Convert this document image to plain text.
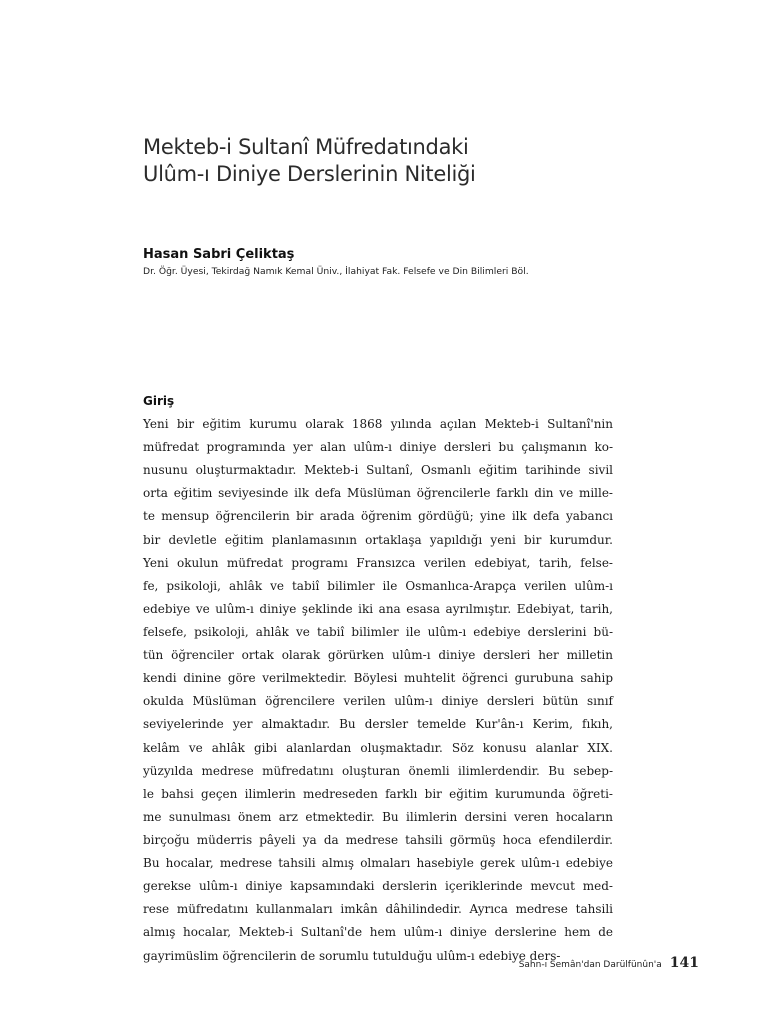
Mekteb-i Sultanî Müfredatındaki
Ulûm-ı Diniye Derslerinin Niteliği

Hasan Sabri Çeliktaş

Dr. Öğr. Üyesi, Tekirdağ Namık Kemal Üniv., İlahiyat Fak. Felsefe ve Din Bilimleri Böl.

Giriş
Yeni bir eğitim kurumu olarak 1868 yılında açılan Mekteb-i Sultanî'nin
müfredat programında yer alan ulûm-ı diniye dersleri bu çalışmanın ko-
nusunu oluşturmaktadır. Mekteb-i Sultanî, Osmanlı eğitim tarihinde sivil
orta eğitim seviyesinde ilk defa Müslüman öğrencilerle farklı din ve mille-
te mensup öğrencilerin bir arada öğrenim gördüğü; yine ilk defa yabancı
bir devletle eğitim planlamasının ortaklaşa yapıldığı yeni bir kurumdur.
Yeni okulun müfredat programı Fransızca verilen edebiyat, tarih, felse-
fe, psikoloji, ahlâk ve tabiî bilimler ile Osmanlıca-Arapça verilen ulûm-ı
edebiye ve ulûm-ı diniye şeklinde iki ana esasa ayrılmıştır. Edebiyat, tarih,
felsefe, psikoloji, ahlâk ve tabiî bilimler ile ulûm-ı edebiye derslerini bü-
tün öğrenciler ortak olarak görürken ulûm-ı diniye dersleri her milletin
kendi dinine göre verilmektedir. Böylesi muhtelit öğrenci gurubuna sahip
okulda Müslüman öğrencilere verilen ulûm-ı diniye dersleri bütün sınıf
seviyelerinde yer almaktadır. Bu dersler temelde Kur'ân-ı Kerim, fıkıh,
kelâm ve ahlâk gibi alanlardan oluşmaktadır. Söz konusu alanlar XIX.
yüzyılda medrese müfredatını oluşturan önemli ilimlerdendir. Bu sebep-
le bahsi geçen ilimlerin medreseden farklı bir eğitim kurumunda öğreti-
me sunulması önem arz etmektedir. Bu ilimlerin dersini veren hocaların
birçoğu müderris pâyeli ya da medrese tahsili görmüş hoca efendilerdir.
Bu hocalar, medrese tahsili almış olmaları hasebiyle gerek ulûm-ı edebiye
gerekse ulûm-ı diniye kapsamındaki derslerin içeriklerinde mevcut med-
rese müfredatını kullanmaları imkân dâhilindedir. Ayrıca medrese tahsili
almış hocalar, Mekteb-i Sultanî'de hem ulûm-ı diniye derslerine hem de
gayrimüslim öğrencilerin de sorumlu tutulduğu ulûm-ı edebiye ders-
Sahn-ı Semân'dan Darülfünûn'a 141
